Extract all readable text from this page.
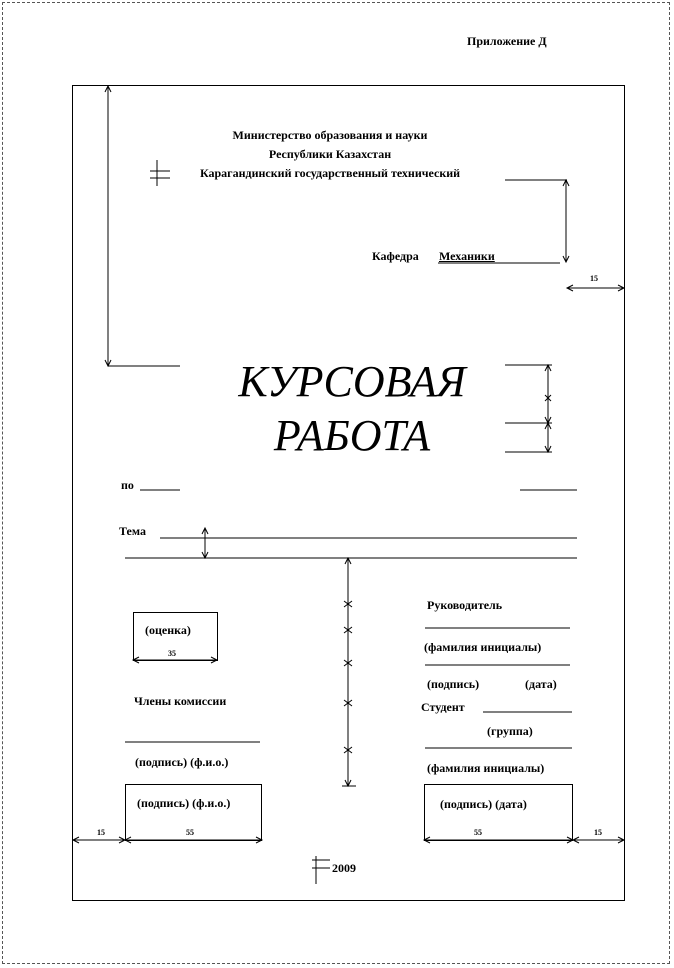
Приложение Д
Министерство образования и науки
Республики Казахстан
Карагандинский государственный технический
Кафедра Механики
15
КУРСОВАЯ
РАБОТА
по
Тема
(оценка)
35
Руководитель
(фамилия инициалы)
(подпись)	(дата)
Члены комиссии	Студент
(группа)
(фамилия инициалы)
(подпись) (ф.и.о.)
(подпись) (ф.и.о.)	(подпись) (дата)
15	55	55	15
2009
